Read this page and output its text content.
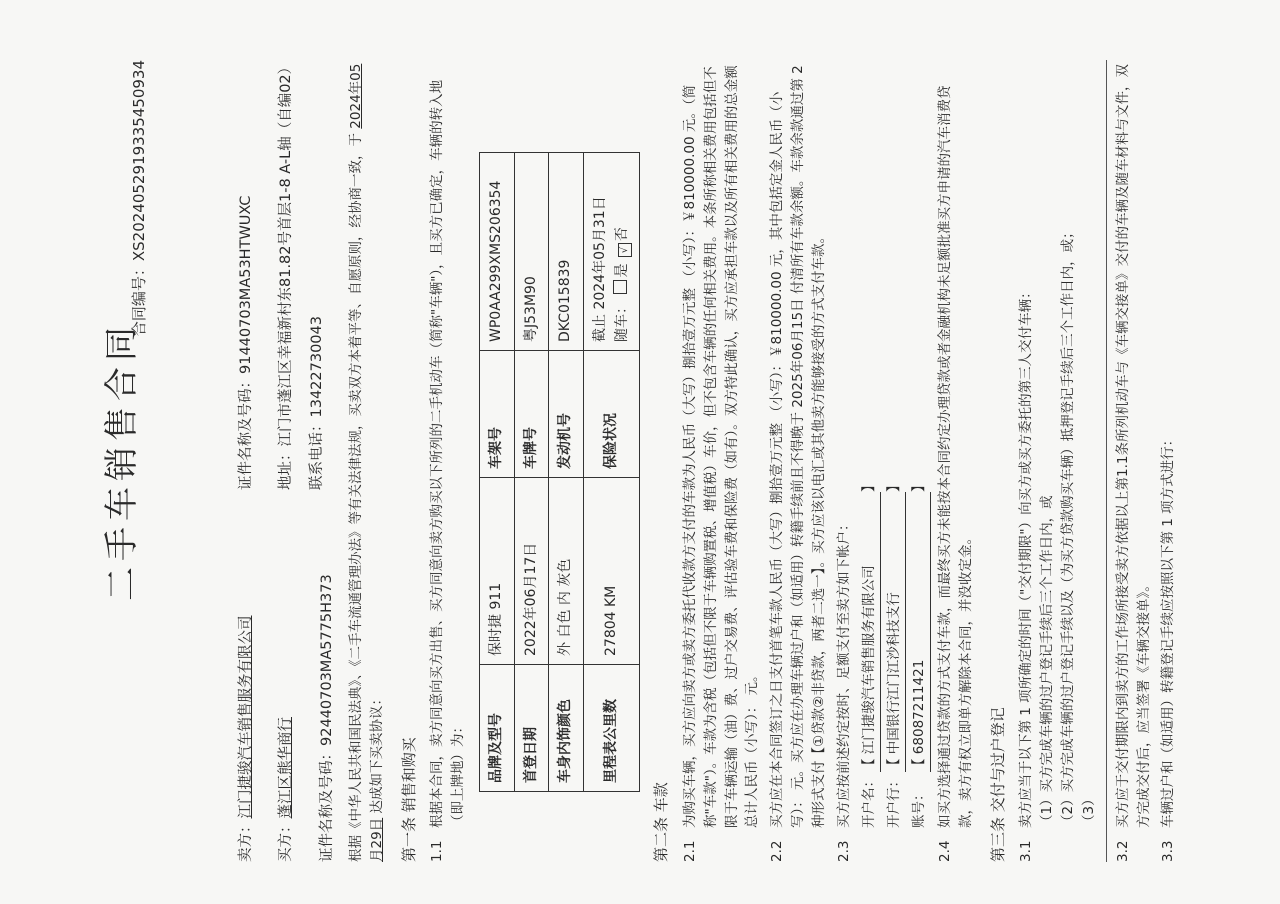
二手车销售合同
合同编号：XS2024052919335450934
卖方：
江门捷骏汽车销售服务有限公司
买方：
蓬江区熊华商行 证件名称及号码：
92440703MA5775H373
证件名称及号码：
91440703MA53HTWUXC
地址：
江门市蓬江区幸福新村东81.82号首层1-8 A-L轴（自编02）
联系电话：
13422730043 根据《中华人民共和国民法典》、《二手车流通管理办法》等有关法律法规，买卖双方本着平等、自愿原则，经协商一致，于 2024年05月29日 达成如下买卖协议： 第一条 销售和购买 1.1
根据本合同，卖方同意向买方出售、买方同意向卖方购买以下所列的二手机动车（简称"车辆"），且买方已确定，车辆的转入地（即上牌地）为： 品牌及型号	保时捷 911	车架号	WP0AA299XMS206354
首登日期	2022年06月17日	车牌号	粤J53M90
车身内饰颜色	外 白色 内 灰色	发动机号	DKC015839
里程表公里数	27804 KM	保险状况	截止 2024年05月31日 随车： 是 √否
第二条 车款 2.1
为购买车辆，买方应向卖方或卖方委托代收款方支付的车款为人民币（大写）捌拾壹万元整 （小写）：￥810000.00 元。（简称"车款"）。车款为含税（包括但不限于车辆购置税、增值税）车价，但不包含车辆的任何相关费用。本条所称相关费用包括但不限于车辆运输（油）费、过户交易费、评估验车费和保险费（如有）。双方特此确认，买方应承担车款以及所有相关费用的总金额总计人民币（小写）： 元。
2.2
买方应在本合同签订之日支付首笔车款人民币（大写）捌拾壹万元整 （小写）：￥810000.00 元，其中包括定金人民币（小写）： 元。买方应在办理车辆过户和（如适用）转籍手续前且不得晚于 2025年06月15日 付清所有车款余额。车款余款通过第 2 种形式支付【①贷款②非贷款，两者二选一】。买方应该以电汇或其他卖方能够接受的方式支付车款。
2.3
买方应按前述约定按时、足额支付至卖方如下帐户： 开户名：
【 江门捷骏汽车销售服务有限公司
】
开户行：
【 中国银行江门江沙科技支行
】
账号：
【 68087211421
】
2.4
如买方选择通过贷款的方式支付车款，而最终买方未能按本合同约定办理贷款或者金融机构未足额批准买方申请的汽车消费贷款，卖方有权立即单方解除本合同，并没收定金。 第三条 交付与过户登记 3.1
卖方应当于以下第 1 项所确定的时间（"交付期限"）向买方或买方委托的第三人交付车辆： （1）买方完成车辆的过户登记手续后三个工作日内，或 （2）买方完成车辆的过户登记手续以及（为买方贷款购买车辆）抵押登记手续后三个工作日内，或； （3）
3.2
买方应于交付期限内到卖方的工作场所接受卖方依据以上第1.1条所列机动车与《车辆交接单》交付的车辆及随车材料与文件，双方完成交付后，应当签署《车辆交接单》。
3.3
车辆过户和（如适用）转籍登记手续应按照以下第 1 项方式进行：
